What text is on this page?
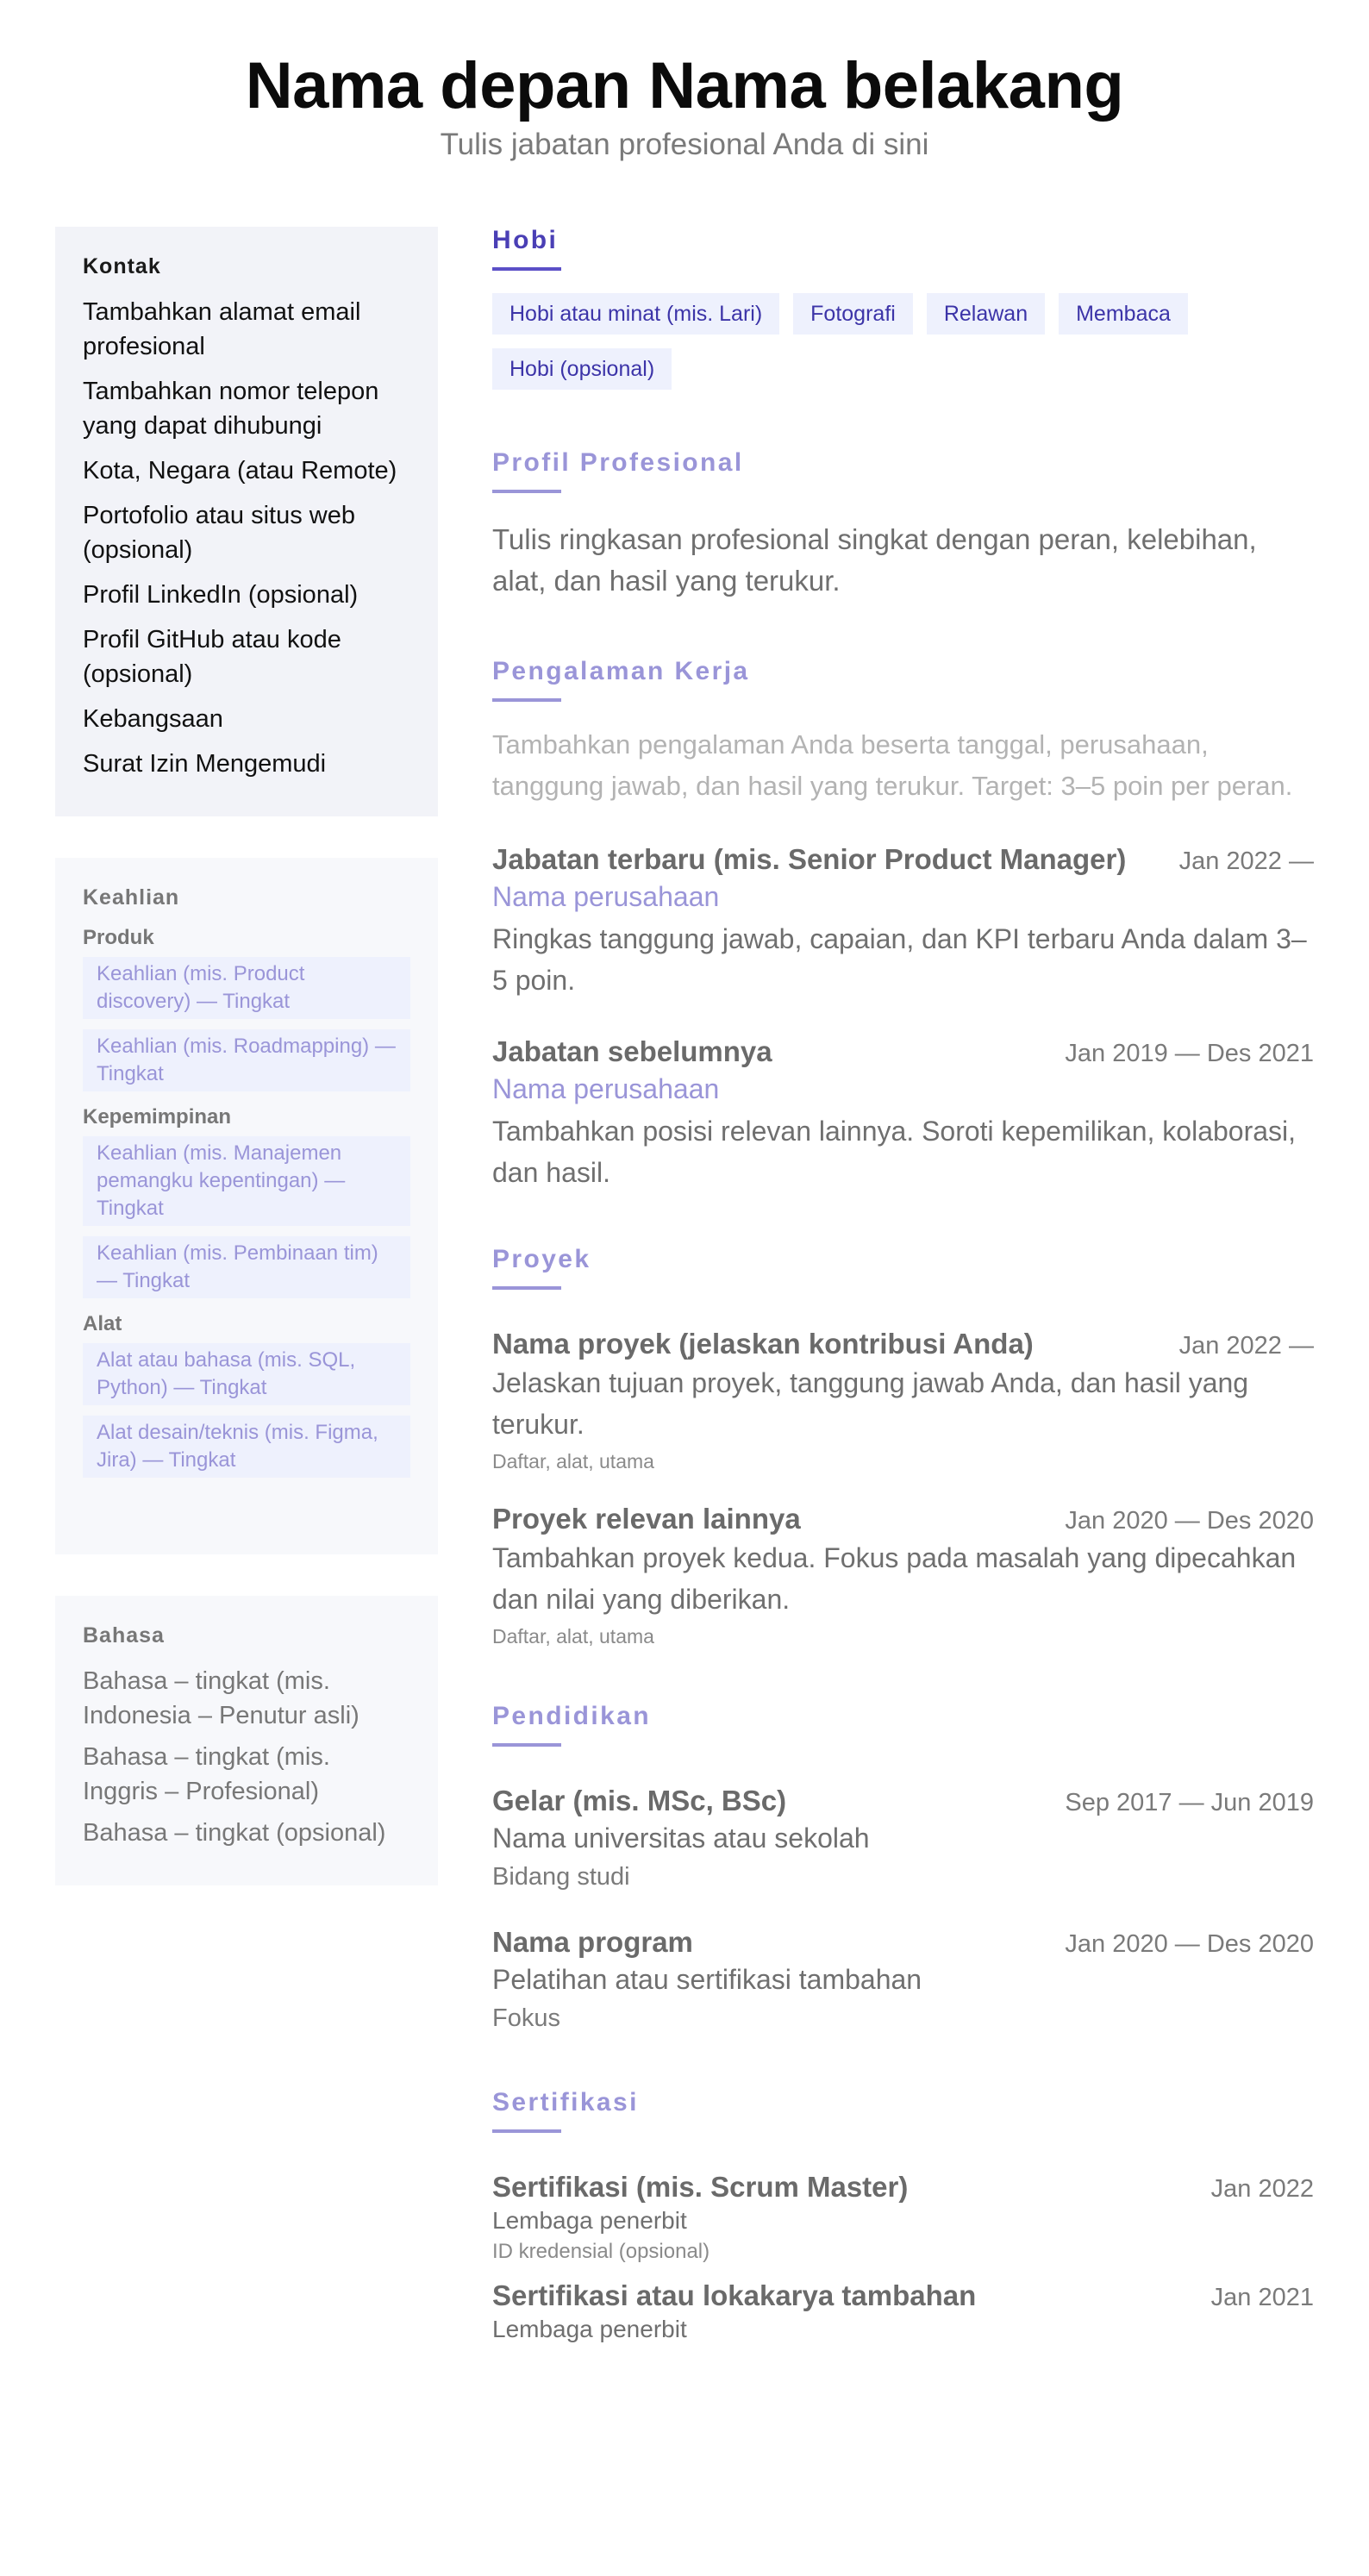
Nama depan Nama belakang
Tulis jabatan profesional Anda di sini
Kontak
Tambahkan alamat email profesional
Tambahkan nomor telepon yang dapat dihubungi
Kota, Negara (atau Remote)
Portofolio atau situs web (opsional)
Profil LinkedIn (opsional)
Profil GitHub atau kode (opsional)
Kebangsaan
Surat Izin Mengemudi
Keahlian
Produk
Keahlian (mis. Product discovery) — Tingkat
Keahlian (mis. Roadmapping) — Tingkat
Kepemimpinan
Keahlian (mis. Manajemen pemangku kepentingan) — Tingkat
Keahlian (mis. Pembinaan tim) — Tingkat
Alat
Alat atau bahasa (mis. SQL, Python) — Tingkat
Alat desain/teknis (mis. Figma, Jira) — Tingkat
Bahasa
Bahasa – tingkat (mis. Indonesia – Penutur asli)
Bahasa – tingkat (mis. Inggris – Profesional)
Bahasa – tingkat (opsional)
Hobi
Hobi atau minat (mis. Lari)	Fotografi	Relawan	Membaca
Hobi (opsional)
Profil Profesional
Tulis ringkasan profesional singkat dengan peran, kelebihan, alat, dan hasil yang terukur.
Pengalaman Kerja
Tambahkan pengalaman Anda beserta tanggal, perusahaan, tanggung jawab, dan hasil yang terukur. Target: 3–5 poin per peran.
Jabatan terbaru (mis. Senior Product Manager) Jan 2022 —
Nama perusahaan
Ringkas tanggung jawab, capaian, dan KPI terbaru Anda dalam 3–5 poin.
Jabatan sebelumnya	Jan 2019 — Des 2021
Nama perusahaan
Tambahkan posisi relevan lainnya. Soroti kepemilikan, kolaborasi, dan hasil.
Proyek
Nama proyek (jelaskan kontribusi Anda)	Jan 2022 —
Jelaskan tujuan proyek, tanggung jawab Anda, dan hasil yang terukur.
Daftar, alat, utama
Proyek relevan lainnya	Jan 2020 — Des 2020
Tambahkan proyek kedua. Fokus pada masalah yang dipecahkan dan nilai yang diberikan.
Daftar, alat, utama
Pendidikan
Gelar (mis. MSc, BSc)	Sep 2017 — Jun 2019
Nama universitas atau sekolah
Bidang studi
Nama program	Jan 2020 — Des 2020
Pelatihan atau sertifikasi tambahan
Fokus
Sertifikasi
Sertifikasi (mis. Scrum Master)	Jan 2022
Lembaga penerbit
ID kredensial (opsional)
Sertifikasi atau lokakarya tambahan	Jan 2021
Lembaga penerbit
